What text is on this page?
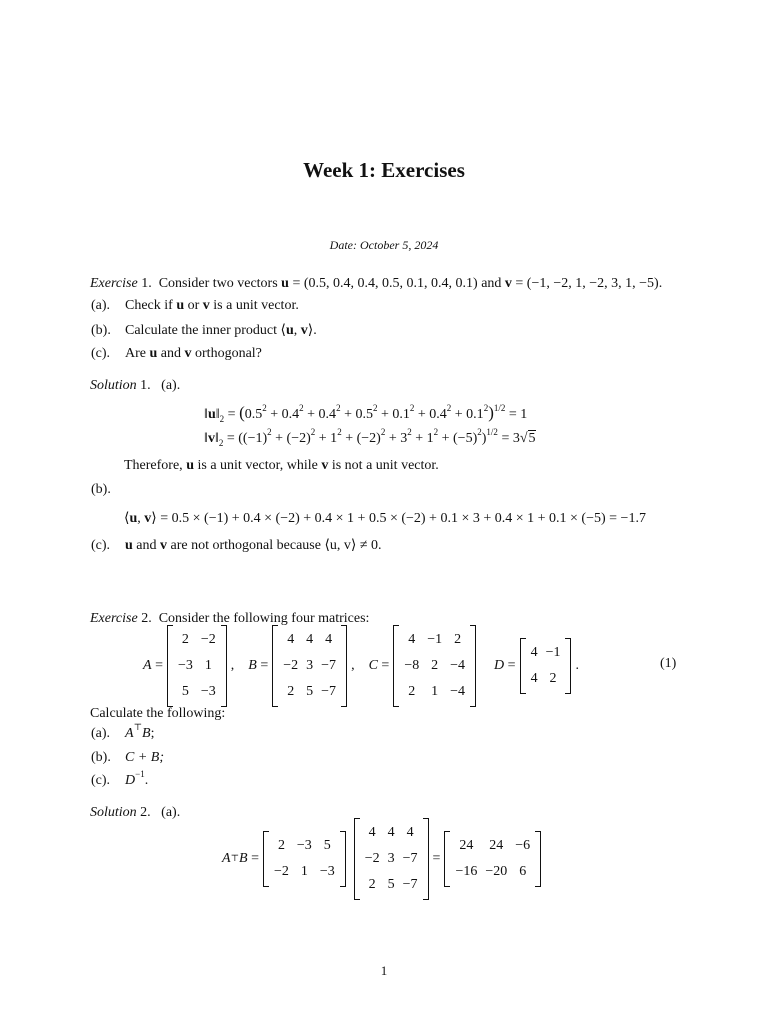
Week 1: Exercises
Date: October 5, 2024
Exercise 1. Consider two vectors u = (0.5, 0.4, 0.4, 0.5, 0.1, 0.4, 0.1) and v = (−1, −2, 1, −2, 3, 1, −5).
(a). Check if u or v is a unit vector.
(b). Calculate the inner product ⟨u, v⟩.
(c). Are u and v orthogonal?
Solution 1. (a).
$‖u‖_2 = (0.5^2 + 0.4^2 + 0.4^2 + 0.5^2 + 0.1^2 + 0.4^2 + 0.1^2)^{1/2} = 1$
$‖v‖_2 = ((-1)^2 + (-2)^2 + 1^2 + (-2)^2 + 3^2 + 1^2 + (-5)^2)^{1/2} = 3√5$
Therefore, u is a unit vector, while v is not a unit vector.
(b).
⟨u, v⟩ = 0.5 × (−1) + 0.4 × (−2) + 0.4 × 1 + 0.5 × (−2) + 0.1 × 3 + 0.4 × 1 + 0.1 × (−5) = −1.7
(c). u and v are not orthogonal because ⟨u, v⟩ ≠ 0.
Exercise 2. Consider the following four matrices:
A =
2 −2
−3 1
5 −3
, B =
4 4 4
−2 3 −7
2 5 −7
, C =
4 −1 2
−8 2 −4
2	1 −4

D =
4 −1
4 2
.	(1)
Calculate the following:
(a). A⊤B;
(b). C + B;
(c). $D^{-1}$.
Solution 2. (a).
A⊤ B =
2 −3 5
−2 1 −3
4 4 4
−2 3 −7
2 5 −7
=
24	24 −6
−16 −20 6
1
